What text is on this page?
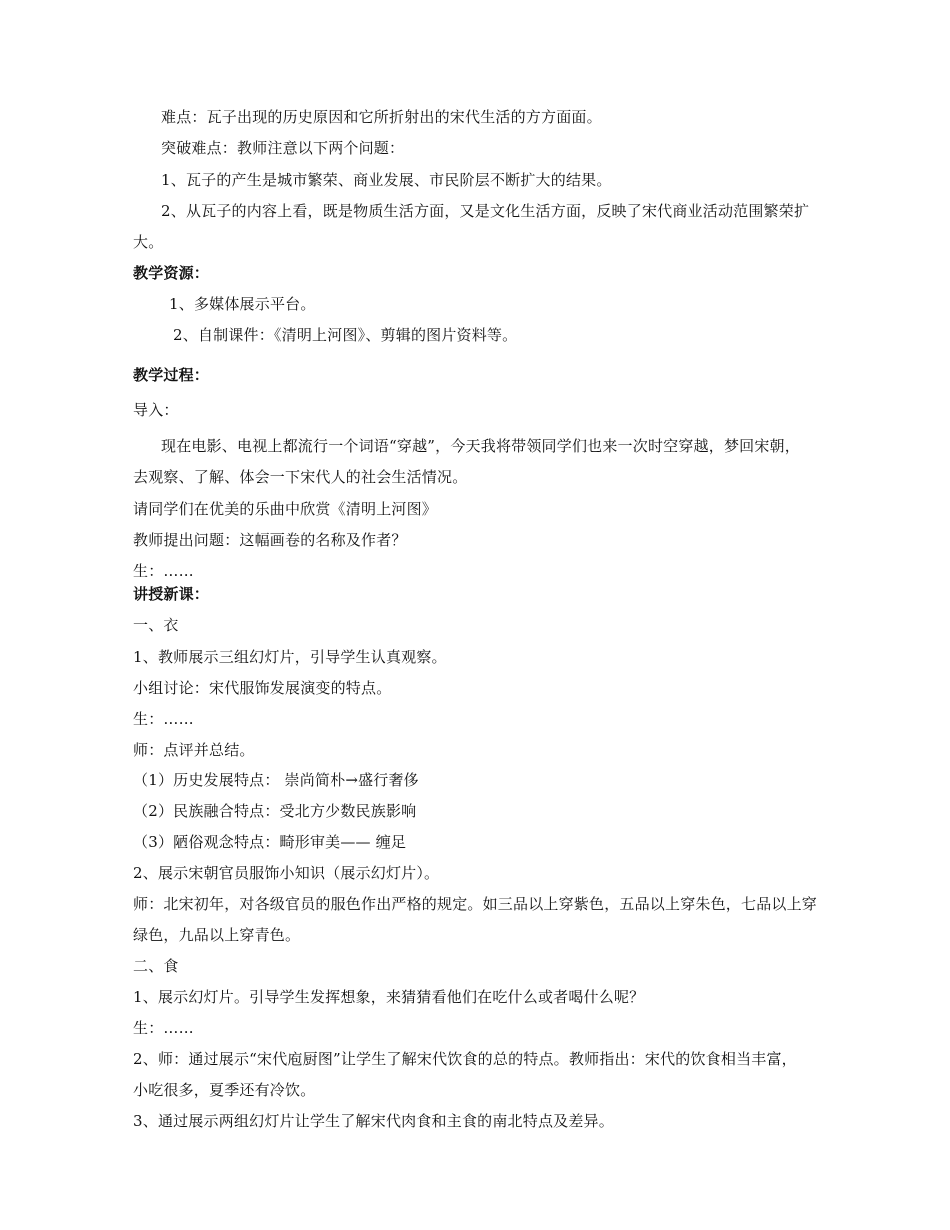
难点：瓦子出现的历史原因和它所折射出的宋代生活的方方面面。
突破难点：教师注意以下两个问题：
1、瓦子的产生是城市繁荣、商业发展、市民阶层不断扩大的结果。
2、从瓦子的内容上看，既是物质生活方面，又是文化生活方面，反映了宋代商业活动范围繁荣扩
大。
教学资源：
1、多媒体展示平台。
2、自制课件：《清明上河图》、剪辑的图片资料等。
教学过程：
导入：
现在电影、电视上都流行一个词语“穿越”，今天我将带领同学们也来一次时空穿越，梦回宋朝，
去观察、了解、体会一下宋代人的社会生活情况。
请同学们在优美的乐曲中欣赏《清明上河图》
教师提出问题：这幅画卷的名称及作者？
生：……
讲授新课：
一、衣
1、教师展示三组幻灯片，引导学生认真观察。
小组讨论：宋代服饰发展演变的特点。
生：……
师：点评并总结。
（1）历史发展特点： 崇尚简朴→盛行奢侈
（2）民族融合特点：受北方少数民族影响
（3）陋俗观念特点：畸形审美—— 缠足
2、展示宋朝官员服饰小知识（展示幻灯片）。
师：北宋初年，对各级官员的服色作出严格的规定。如三品以上穿紫色，五品以上穿朱色，七品以上穿
绿色，九品以上穿青色。
二、食
1、展示幻灯片。引导学生发挥想象，来猜猜看他们在吃什么或者喝什么呢？
生：……
2、师：通过展示“宋代庖厨图”让学生了解宋代饮食的总的特点。教师指出：宋代的饮食相当丰富，
小吃很多，夏季还有冷饮。
3、通过展示两组幻灯片让学生了解宋代肉食和主食的南北特点及差异。
